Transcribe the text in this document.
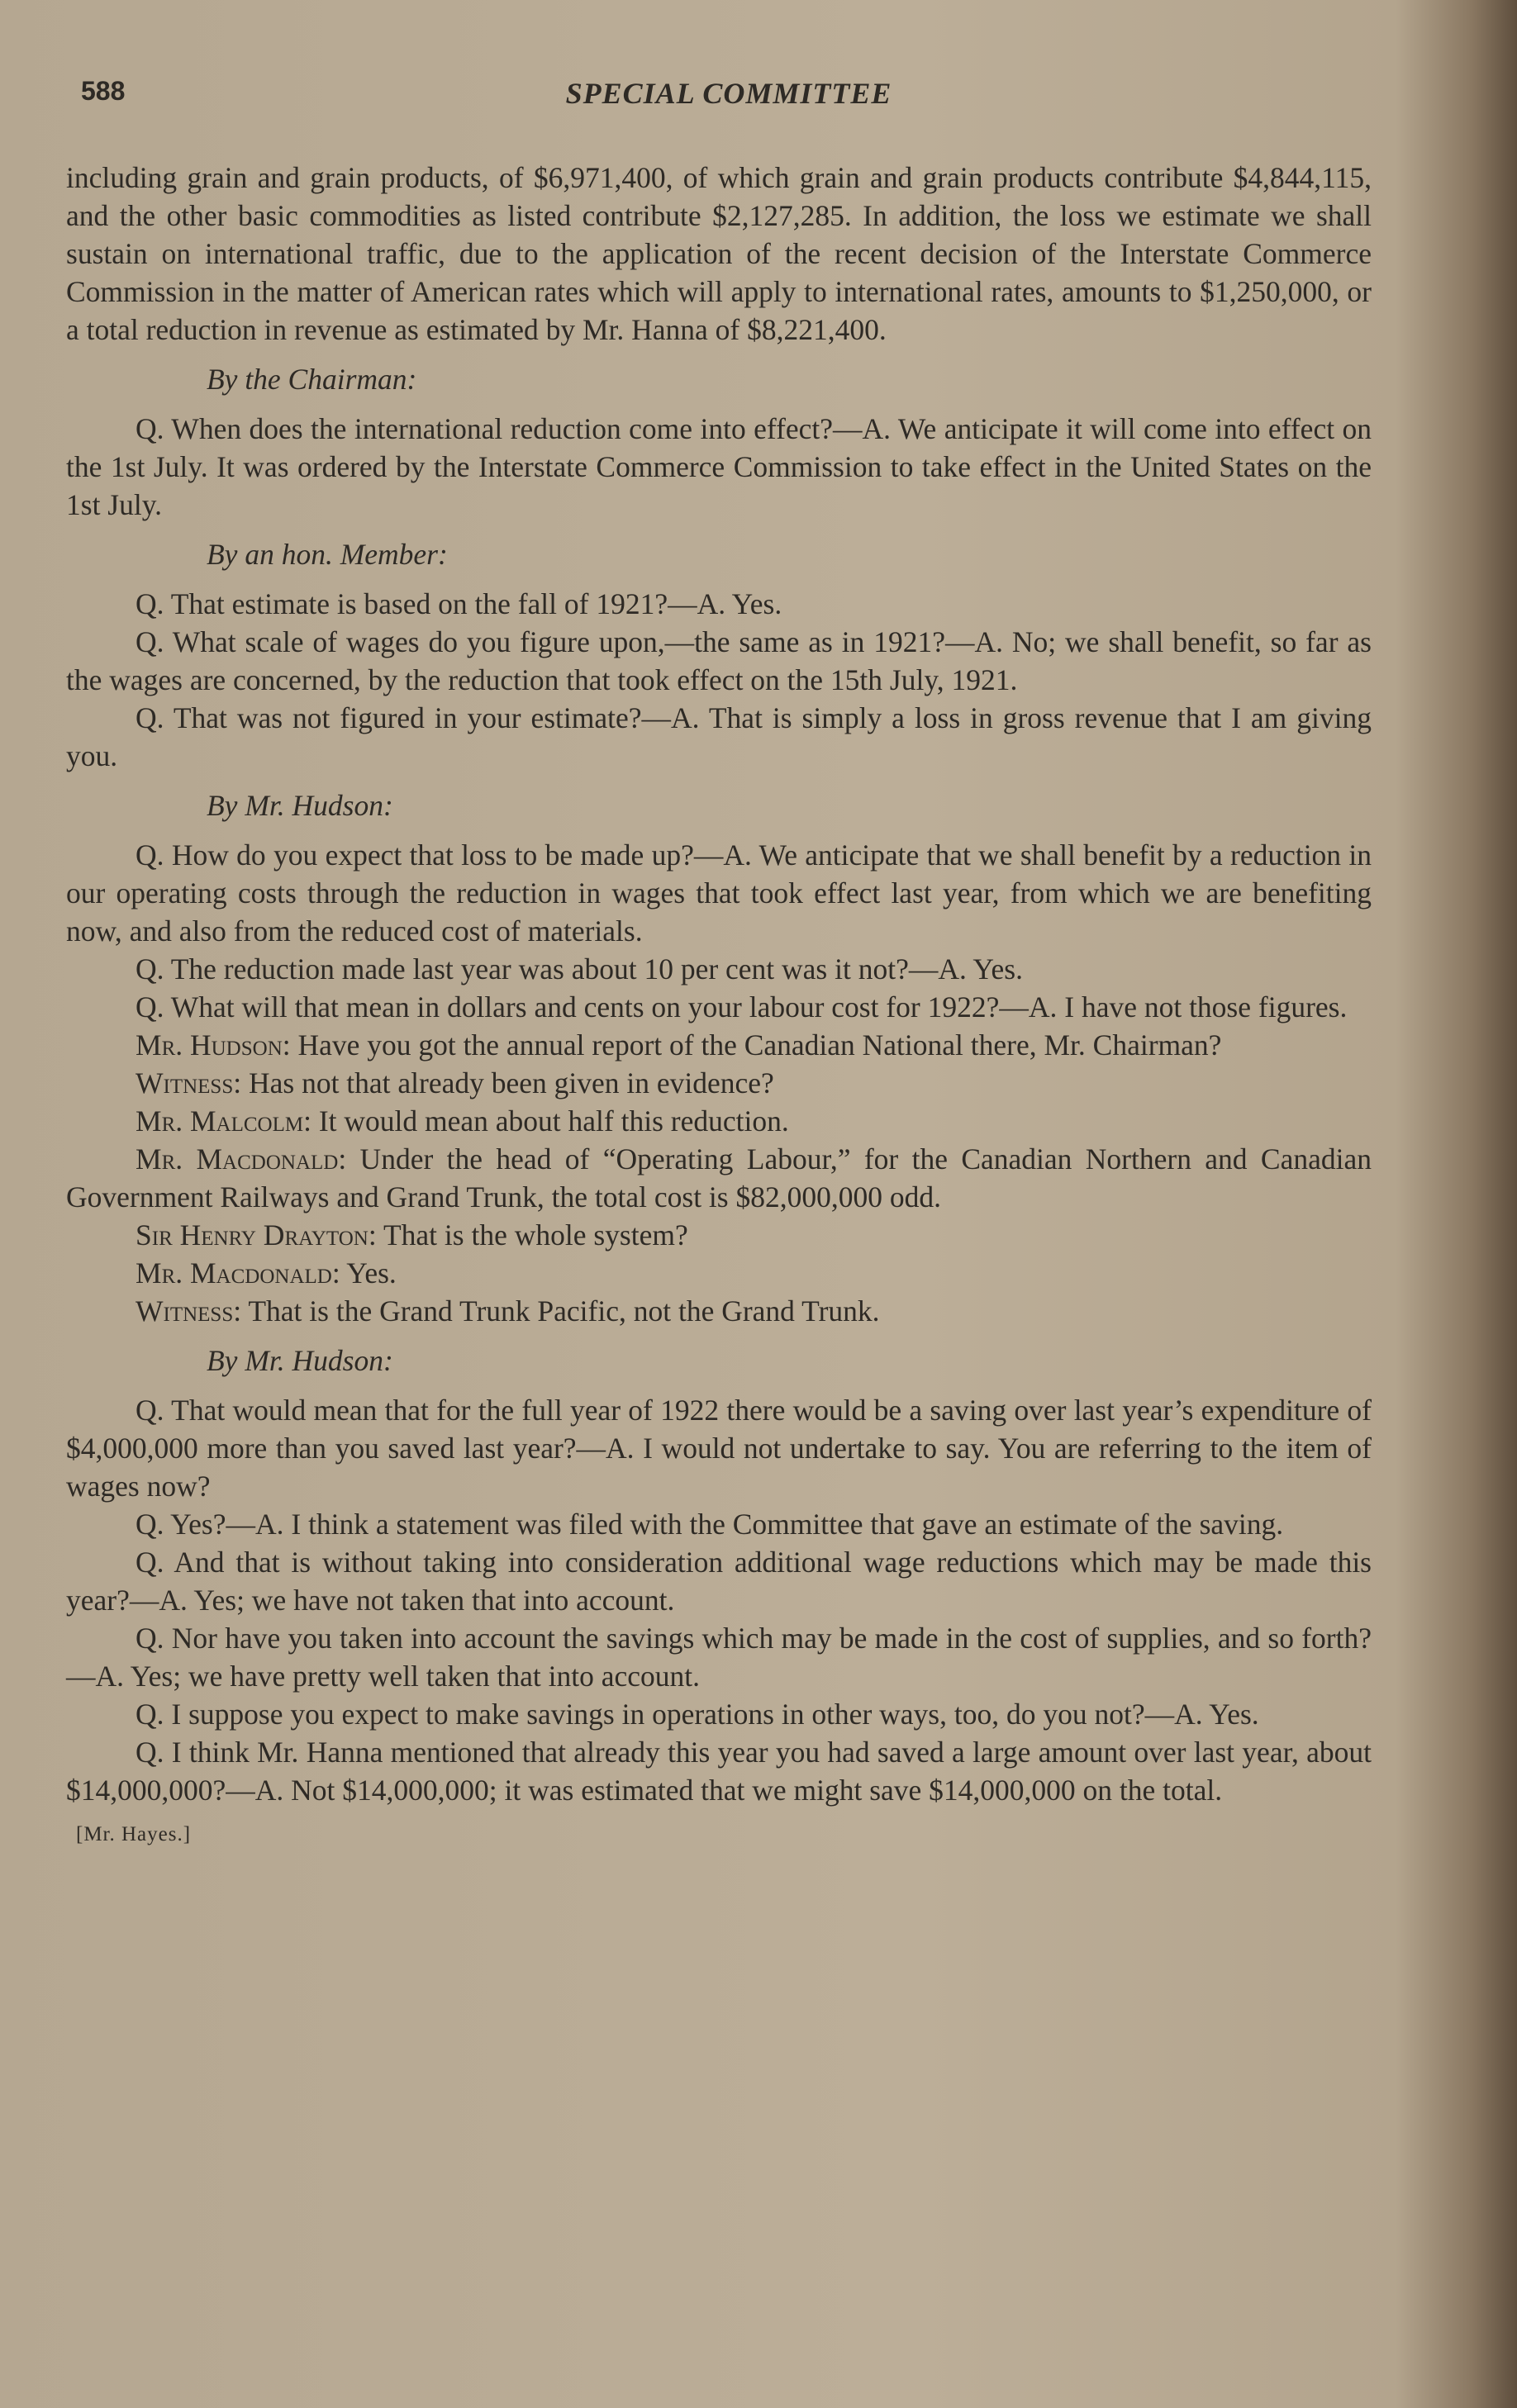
588	SPECIAL COMMITTEE

including grain and grain products, of $6,971,400, of which grain and grain products contribute $4,844,115, and the other basic commodities as listed contribute $2,127,285. In addition, the loss we estimate we shall sustain on international traffic, due to the application of the recent decision of the Interstate Commerce Commission in the matter of American rates which will apply to international rates, amounts to $1,250,000, or a total reduction in revenue as estimated by Mr. Hanna of $8,221,400.

By the Chairman:

Q. When does the international reduction come into effect?—A. We anticipate it will come into effect on the 1st July. It was ordered by the Interstate Commerce Commission to take effect in the United States on the 1st July.

By an hon. Member:

Q. That estimate is based on the fall of 1921?—A. Yes.

Q. What scale of wages do you figure upon,—the same as in 1921?—A. No; we shall benefit, so far as the wages are concerned, by the reduction that took effect on the 15th July, 1921.

Q. That was not figured in your estimate?—A. That is simply a loss in gross revenue that I am giving you.

By Mr. Hudson:

Q. How do you expect that loss to be made up?—A. We anticipate that we shall benefit by a reduction in our operating costs through the reduction in wages that took effect last year, from which we are benefiting now, and also from the reduced cost of materials.

Q. The reduction made last year was about 10 per cent was it not?—A. Yes.

Q. What will that mean in dollars and cents on your labour cost for 1922?—A. I have not those figures.

Mr. Hudson: Have you got the annual report of the Canadian National there, Mr. Chairman?

Witness: Has not that already been given in evidence?

Mr. Malcolm: It would mean about half this reduction.

Mr. Macdonald: Under the head of “Operating Labour,” for the Canadian Northern and Canadian Government Railways and Grand Trunk, the total cost is $82,000,000 odd.

Sir Henry Drayton: That is the whole system?

Mr. Macdonald: Yes.

Witness: That is the Grand Trunk Pacific, not the Grand Trunk.

By Mr. Hudson:

Q. That would mean that for the full year of 1922 there would be a saving over last year’s expenditure of $4,000,000 more than you saved last year?—A. I would not undertake to say. You are referring to the item of wages now?

Q. Yes?—A. I think a statement was filed with the Committee that gave an estimate of the saving.

Q. And that is without taking into consideration additional wage reductions which may be made this year?—A. Yes; we have not taken that into account.

Q. Nor have you taken into account the savings which may be made in the cost of supplies, and so forth?—A. Yes; we have pretty well taken that into account.

Q. I suppose you expect to make savings in operations in other ways, too, do you not?—A. Yes.

Q. I think Mr. Hanna mentioned that already this year you had saved a large amount over last year, about $14,000,000?—A. Not $14,000,000; it was estimated that we might save $14,000,000 on the total.

[Mr. Hayes.]
